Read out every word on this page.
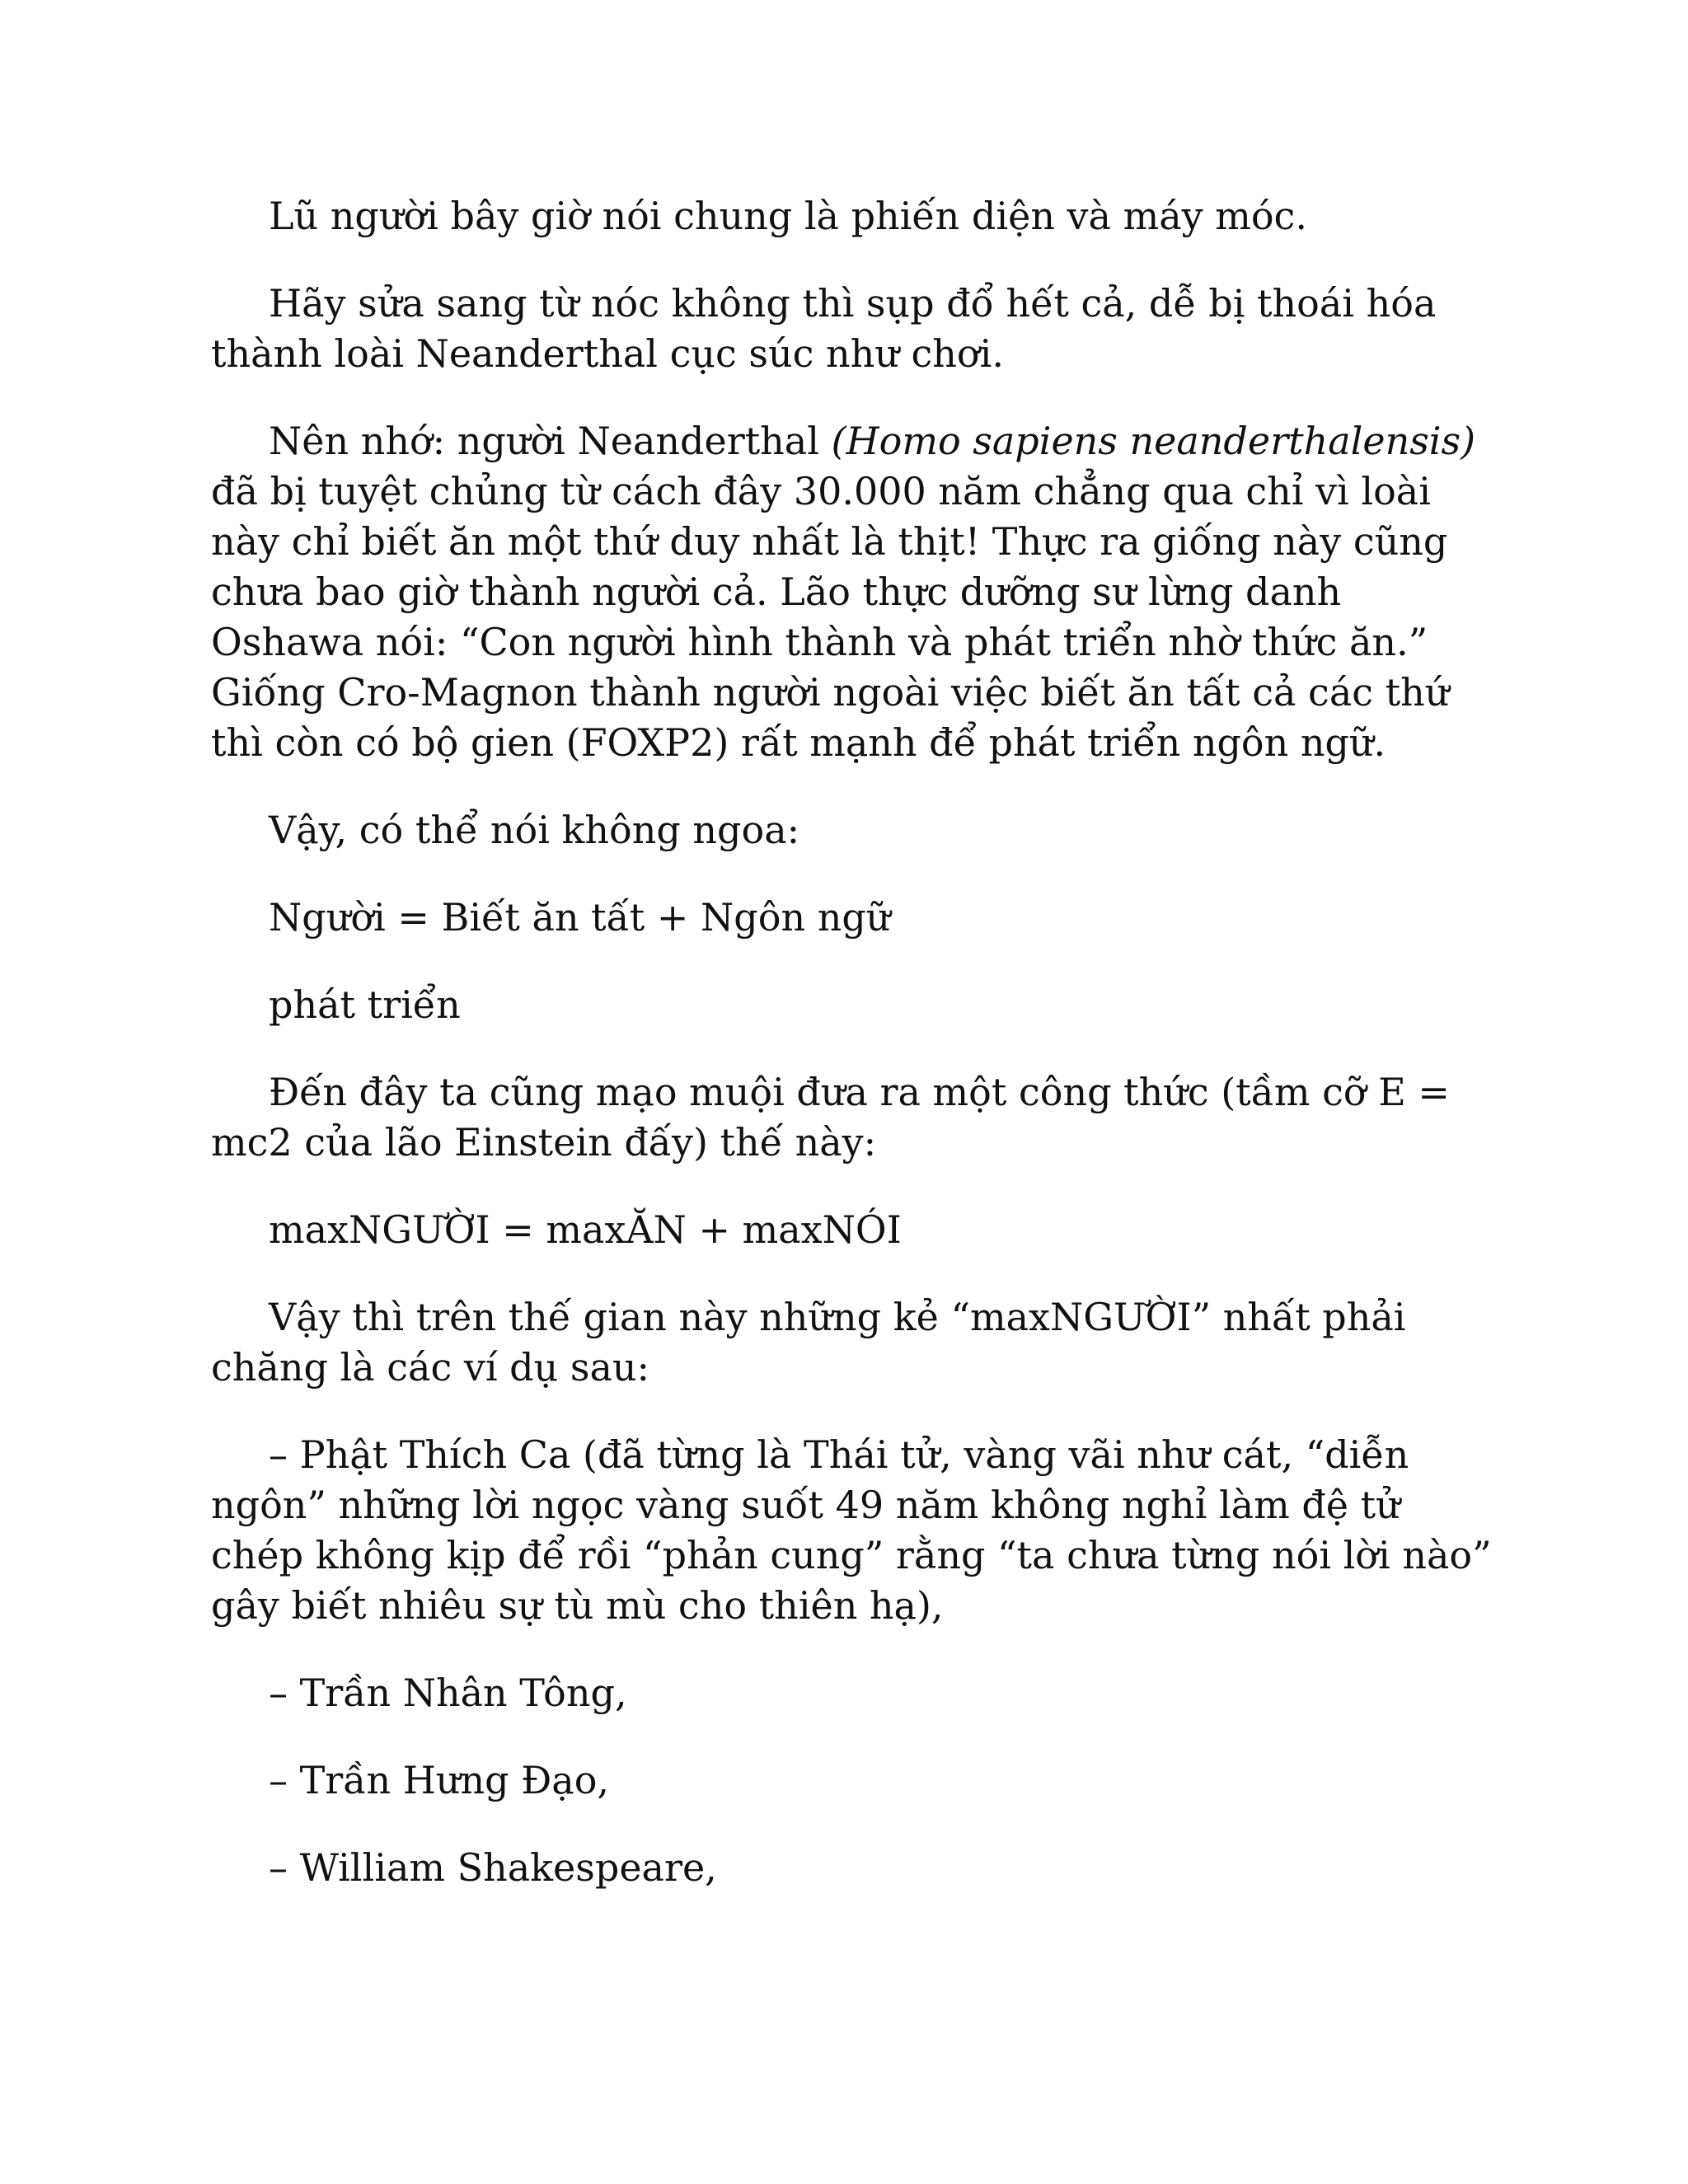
Lũ người bây giờ nói chung là phiến diện và máy móc.

Hãy sửa sang từ nóc không thì sụp đổ hết cả, dễ bị thoái hóa thành loài Neanderthal cục súc như chơi.

Nên nhớ: người Neanderthal (Homo sapiens neanderthalensis) đã bị tuyệt chủng từ cách đây 30.000 năm chẳng qua chỉ vì loài này chỉ biết ăn một thứ duy nhất là thịt! Thực ra giống này cũng chưa bao giờ thành người cả. Lão thực dưỡng sư lừng danh Oshawa nói: “Con người hình thành và phát triển nhờ thức ăn.” Giống Cro-Magnon thành người ngoài việc biết ăn tất cả các thứ thì còn có bộ gien (FOXP2) rất mạnh để phát triển ngôn ngữ.

Vậy, có thể nói không ngoa:

Người = Biết ăn tất + Ngôn ngữ

phát triển

Đến đây ta cũng mạo muội đưa ra một công thức (tầm cỡ E = mc2 của lão Einstein đấy) thế này:

maxNGƯỜI = maxĂN + maxNÓI

Vậy thì trên thế gian này những kẻ “maxNGƯỜI” nhất phải chăng là các ví dụ sau:

– Phật Thích Ca (đã từng là Thái tử, vàng vãi như cát, “diễn ngôn” những lời ngọc vàng suốt 49 năm không nghỉ làm đệ tử chép không kịp để rồi “phản cung” rằng “ta chưa từng nói lời nào” gây biết nhiêu sự tù mù cho thiên hạ),

– Trần Nhân Tông,

– Trần Hưng Đạo,

– William Shakespeare,
